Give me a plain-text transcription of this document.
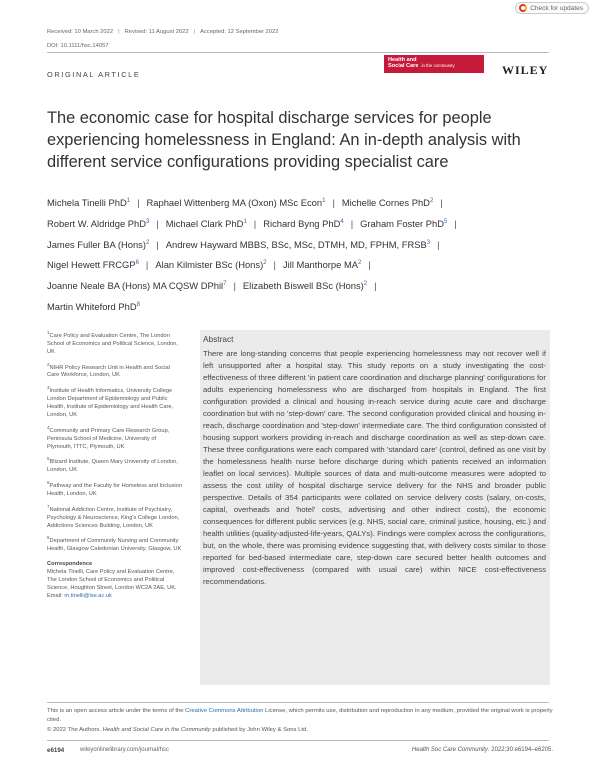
Check for updates
Received: 10 March 2022 | Revised: 11 August 2022 | Accepted: 12 September 2022
DOI: 10.1111/hsc.14057
ORIGINAL ARTICLE
Health and
Social Care in the community	WILEY
The economic case for hospital discharge services for people experiencing homelessness in England: An in-depth analysis with different service configurations providing specialist care
Michela Tinelli PhD$^1$ | Raphael Wittenberg MA (Oxon) MSc Econ$^1$ | Michelle Cornes PhD$^2$ |
Robert W. Aldridge PhD$^3$ | Michael Clark PhD$^1$ | Richard Byng PhD$^4$ | Graham Foster PhD$^5$ |
James Fuller BA (Hons)$^2$ | Andrew Hayward MBBS, BSc, MSc, DTMH, MD, FPHM, FRSB$^3$ |
Nigel Hewett FRCGP$^6$ | Alan Kilmister BSc (Hons)$^2$ | Jill Manthorpe $MA^2$ |
Joanne Neale BA (Hons) MA CQSW DPhil$^7$ | Elizabeth Biswell BSc (Hons)$^2$ |
Martin Whiteford PhD$^8$
$^1$Care Policy and Evaluation Centre, The London School of Economics and Political Science, London, UK
$^2$NIHR Policy Research Unit in Health and Social Care Workforce, London, UK
$^3$Institute of Health Informatics, University College London Department of Epidemiology and Public Health, Institute of Epidemiology and Health Care, London, UK
$^4$Community and Primary Care Research Group, Peninsula School of Medicine, University of Plymouth, ITTC, Plymouth, UK
$^5$Blizard Institute, Queen Mary University of London, London, UK
$^6$Pathway and the Faculty for Homeless and Inclusion Health, London, UK
$^7$National Addiction Centre, Institute of Psychiatry, Psychology & Neuroscience, King's College London, Addictions Sciences Building, London, UK
$^8$Department of Community Nursing and Community Health, Glasgow Caledonian University, Glasgow, UK
Correspondence
Michela Tinelli, Care Policy and Evaluation Centre, The London School of Economics and Political Science, Houghton Street, London WC2A 2AE, UK.
Email: m.tinelli@lse.ac.uk
Abstract
There are long-standing concerns that people experiencing homelessness may not recover well if left unsupported after a hospital stay. This study reports on a study investigating the cost-effectiveness of three different 'in patient care coordination and discharge planning' configurations for adults experiencing homelessness who are discharged from hospitals in England. The first configuration provided a clinical and housing in-reach service during acute care and discharge coordination but with no 'step-down' care. The second configuration provided clinical and housing in-reach, discharge coordination and 'step-down' intermediate care. The third configuration consisted of housing support workers providing in-reach and discharge coordination as well as step-down care. These three configurations were each compared with 'standard care' (control, defined as one visit by the homelessness health nurse before discharge during which patients received an information leaflet on local services). Multiple sources of data and multi-outcome measures were adopted to assess the cost utility of hospital discharge service delivery for the NHS and broader public perspective. Details of 354 participants were collated on service delivery costs (salary, on-costs, capital, overheads and 'hotel' costs, advertising and other indirect costs), the economic consequences for different public services (e.g. NHS, social care, criminal justice, housing, etc.) and health utilities (quality-adjusted-life-years, QALYs). Findings were complex across the configurations, but, on the whole, there was promising evidence suggesting that, with delivery costs similar to those reported for bed-based intermediate care, step-down care secured better health outcomes and improved cost-effectiveness (compared with usual care) within NICE cost-effectiveness recommendations.
This is an open access article under the terms of the Creative Commons Attribution License, which permits use, distribution and reproduction in any medium, provided the original work is properly cited.
© 2022 The Authors. Health and Social Care in the Community published by John Wiley & Sons Ltd.
e6194	wileyonlinelibrary.com/journal/hsc	Health Soc Care Community. 2022;30:e6194–e6205.
